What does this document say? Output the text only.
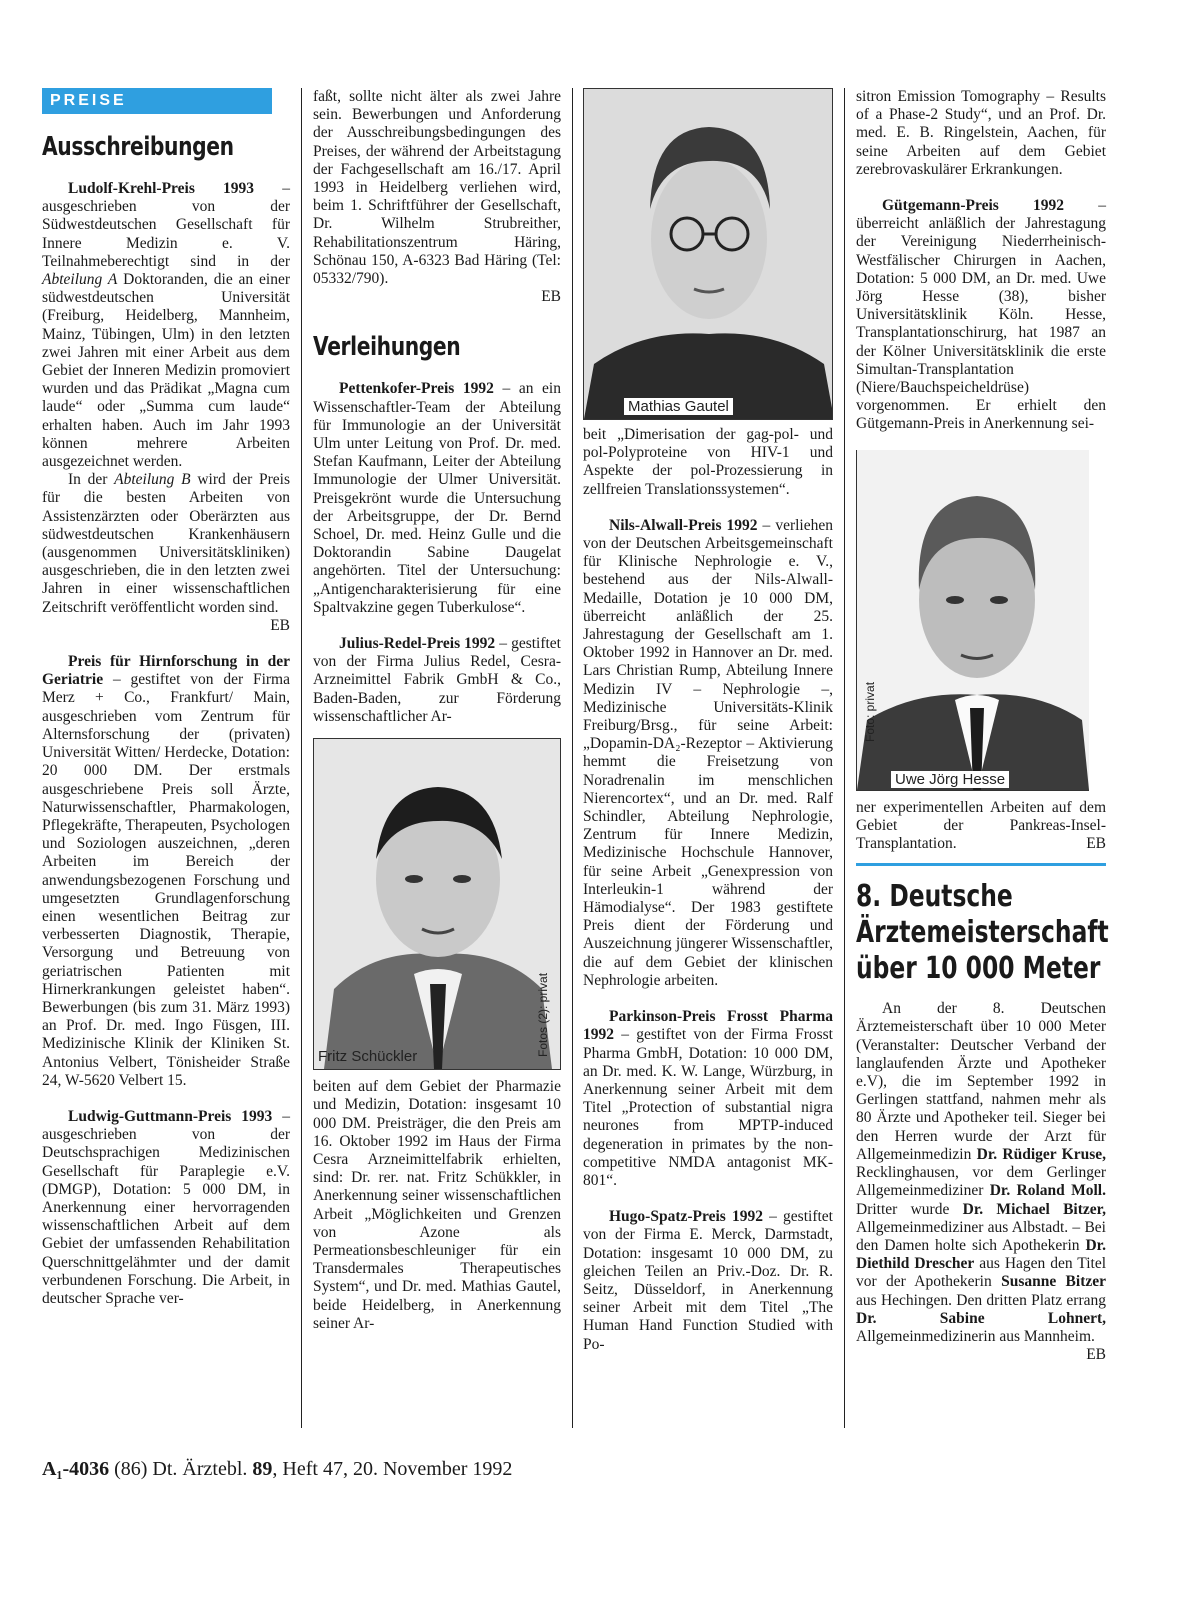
PREISE
Ausschreibungen

Ludolf-Krehl-Preis 1993 – ausgeschrieben von der Südwestdeutschen Gesellschaft für Innere Medizin e. V. Teilnahmeberechtigt sind in der Abteilung A Doktoranden, die an einer südwestdeutschen Universität (Freiburg, Heidelberg, Mannheim, Mainz, Tübingen, Ulm) in den letzten zwei Jahren mit einer Arbeit aus dem Gebiet der Inneren Medizin promoviert wurden und das Prädikat „Magna cum laude“ oder „Summa cum laude“ erhalten haben. Auch im Jahr 1993 können mehrere Arbeiten ausgezeichnet werden.

In der Abteilung B wird der Preis für die besten Arbeiten von Assistenzärzten oder Oberärzten aus südwestdeutschen Krankenhäusern (ausgenommen Universitätskliniken) ausgeschrieben, die in den letzten zwei Jahren in einer wissenschaftlichen Zeitschrift veröffentlicht worden sind.
EB

Preis für Hirnforschung in der Geriatrie – gestiftet von der Firma Merz + Co., Frankfurt/ Main, ausgeschrieben vom Zentrum für Alternsforschung der (privaten) Universität Witten/ Herdecke, Dotation: 20 000 DM. Der erstmals ausgeschriebene Preis soll Ärzte, Naturwissenschaftler, Pharmakologen, Pflegekräfte, Therapeuten, Psychologen und Soziologen auszeichnen, „deren Arbeiten im Bereich der anwendungsbezogenen Forschung und umgesetzten Grundlagenforschung einen wesentlichen Beitrag zur verbesserten Diagnostik, Therapie, Versorgung und Betreuung von geriatrischen Patienten mit Hirnerkrankungen geleistet haben“. Bewerbungen (bis zum 31. März 1993) an Prof. Dr. med. Ingo Füsgen, III. Medizinische Klinik der Kliniken St. Antonius Velbert, Tönisheider Straße 24, W-5620 Velbert 15.

Ludwig-Guttmann-Preis 1993 – ausgeschrieben von der Deutschsprachigen Medizinischen Gesellschaft für Paraplegie e.V. (DMGP), Dotation: 5 000 DM, in Anerkennung einer hervorragenden wissenschaftlichen Arbeit auf dem Gebiet der umfassenden Rehabilitation Querschnittgelähmter und der damit verbundenen Forschung. Die Arbeit, in deutscher Sprache ver-

faßt, sollte nicht älter als zwei Jahre sein. Bewerbungen und Anforderung der Ausschreibungsbedingungen des Preises, der während der Arbeitstagung der Fachgesellschaft am 16./17. April 1993 in Heidelberg verliehen wird, beim 1. Schriftführer der Gesellschaft, Dr. Wilhelm Strubreither, Rehabilitationszentrum Häring, Schönau 150, A-6323 Bad Häring (Tel: 05332/790).
EB

Verleihungen

Pettenkofer-Preis 1992 – an ein Wissenschaftler-Team der Abteilung für Immunologie an der Universität Ulm unter Leitung von Prof. Dr. med. Stefan Kaufmann, Leiter der Abteilung Immunologie der Ulmer Universität. Preisgekrönt wurde die Untersuchung der Arbeitsgruppe, der Dr. Bernd Schoel, Dr. med. Heinz Gulle und die Doktorandin Sabine Daugelat angehörten. Titel der Untersuchung: „Antigencharakterisierung für eine Spaltvakzine gegen Tuberkulose“.

Julius-Redel-Preis 1992 – gestiftet von der Firma Julius Redel, Cesra-Arzneimittel Fabrik GmbH & Co., Baden-Baden, zur Förderung wissenschaftlicher Ar-

Fritz Schückler	Fotos (2): privat

beiten auf dem Gebiet der Pharmazie und Medizin, Dotation: insgesamt 10 000 DM. Preisträger, die den Preis am 16. Oktober 1992 im Haus der Firma Cesra Arzneimittelfabrik erhielten, sind: Dr. rer. nat. Fritz Schükkler, in Anerkennung seiner wissenschaftlichen Arbeit „Möglichkeiten und Grenzen von Azone als Permeationsbeschleuniger für ein Transdermales Therapeutisches System“, und Dr. med. Mathias Gautel, beide Heidelberg, in Anerkennung seiner Ar-

Mathias Gautel

beit „Dimerisation der gag-pol- und pol-Polyproteine von HIV-1 und Aspekte der pol-Prozessierung in zellfreien Translationssystemen“.

Nils-Alwall-Preis 1992 – verliehen von der Deutschen Arbeitsgemeinschaft für Klinische Nephrologie e. V., bestehend aus der Nils-Alwall-Medaille, Dotation je 10 000 DM, überreicht anläßlich der 25. Jahrestagung der Gesellschaft am 1. Oktober 1992 in Hannover an Dr. med. Lars Christian Rump, Abteilung Innere Medizin IV – Nephrologie –, Medizinische Universitäts-Klinik Freiburg/Brsg., für seine Arbeit: „Dopamin-DA₂-Rezeptor – Aktivierung hemmt die Freisetzung von Noradrenalin im menschlichen Nierencortex“, und an Dr. med. Ralf Schindler, Abteilung Nephrologie, Zentrum für Innere Medizin, Medizinische Hochschule Hannover, für seine Arbeit „Genexpression von Interleukin-1 während der Hämodialyse“. Der 1983 gestiftete Preis dient der Förderung und Auszeichnung jüngerer Wissenschaftler, die auf dem Gebiet der klinischen Nephrologie arbeiten.

Parkinson-Preis Frosst Pharma 1992 – gestiftet von der Firma Frosst Pharma GmbH, Dotation: 10 000 DM, an Dr. med. K. W. Lange, Würzburg, in Anerkennung seiner Arbeit mit dem Titel „Protection of substantial nigra neurones from MPTP-induced degeneration in primates by the non-competitive NMDA antagonist MK-801“.

Hugo-Spatz-Preis 1992 – gestiftet von der Firma E. Merck, Darmstadt, Dotation: insgesamt 10 000 DM, zu gleichen Teilen an Priv.-Doz. Dr. R. Seitz, Düsseldorf, in Anerkennung seiner Arbeit mit dem Titel „The Human Hand Function Studied with Po-

sitron Emission Tomography – Results of a Phase-2 Study“, und an Prof. Dr. med. E. B. Ringelstein, Aachen, für seine Arbeiten auf dem Gebiet zerebrovaskulärer Erkrankungen.

Gütgemann-Preis 1992 – überreicht anläßlich der Jahrestagung der Vereinigung Niederrheinisch-Westfälischer Chirurgen in Aachen, Dotation: 5 000 DM, an Dr. med. Uwe Jörg Hesse (38), bisher Universitätsklinik Köln. Hesse, Transplantationschirurg, hat 1987 an der Kölner Universitätsklinik die erste Simultan-Transplantation (Niere/Bauchspeicheldrüse) vorgenommen. Er erhielt den Gütgemann-Preis in Anerkennung sei-

Foto: privat
Uwe Jörg Hesse

ner experimentellen Arbeiten auf dem Gebiet der Pankreas-Insel-Transplantation.	EB

8. Deutsche
Ärztemeisterschaft
über 10 000 Meter

An der 8. Deutschen Ärztemeisterschaft über 10 000 Meter (Veranstalter: Deutscher Verband der langlaufenden Ärzte und Apotheker e.V), die im September 1992 in Gerlingen stattfand, nahmen mehr als 80 Ärzte und Apotheker teil. Sieger bei den Herren wurde der Arzt für Allgemeinmedizin Dr. Rüdiger Kruse, Recklinghausen, vor dem Gerlinger Allgemeinmediziner Dr. Roland Moll. Dritter wurde Dr. Michael Bitzer, Allgemeinmediziner aus Albstadt. – Bei den Damen holte sich Apothekerin Dr. Diethild Drescher aus Hagen den Titel vor der Apothekerin Susanne Bitzer aus Hechingen. Den dritten Platz errang Dr. Sabine Lohnert, Allgemeinmedizinerin aus Mannheim.
EB

A₁-4036 (86) Dt. Ärztebl. 89, Heft 47, 20. November 1992
